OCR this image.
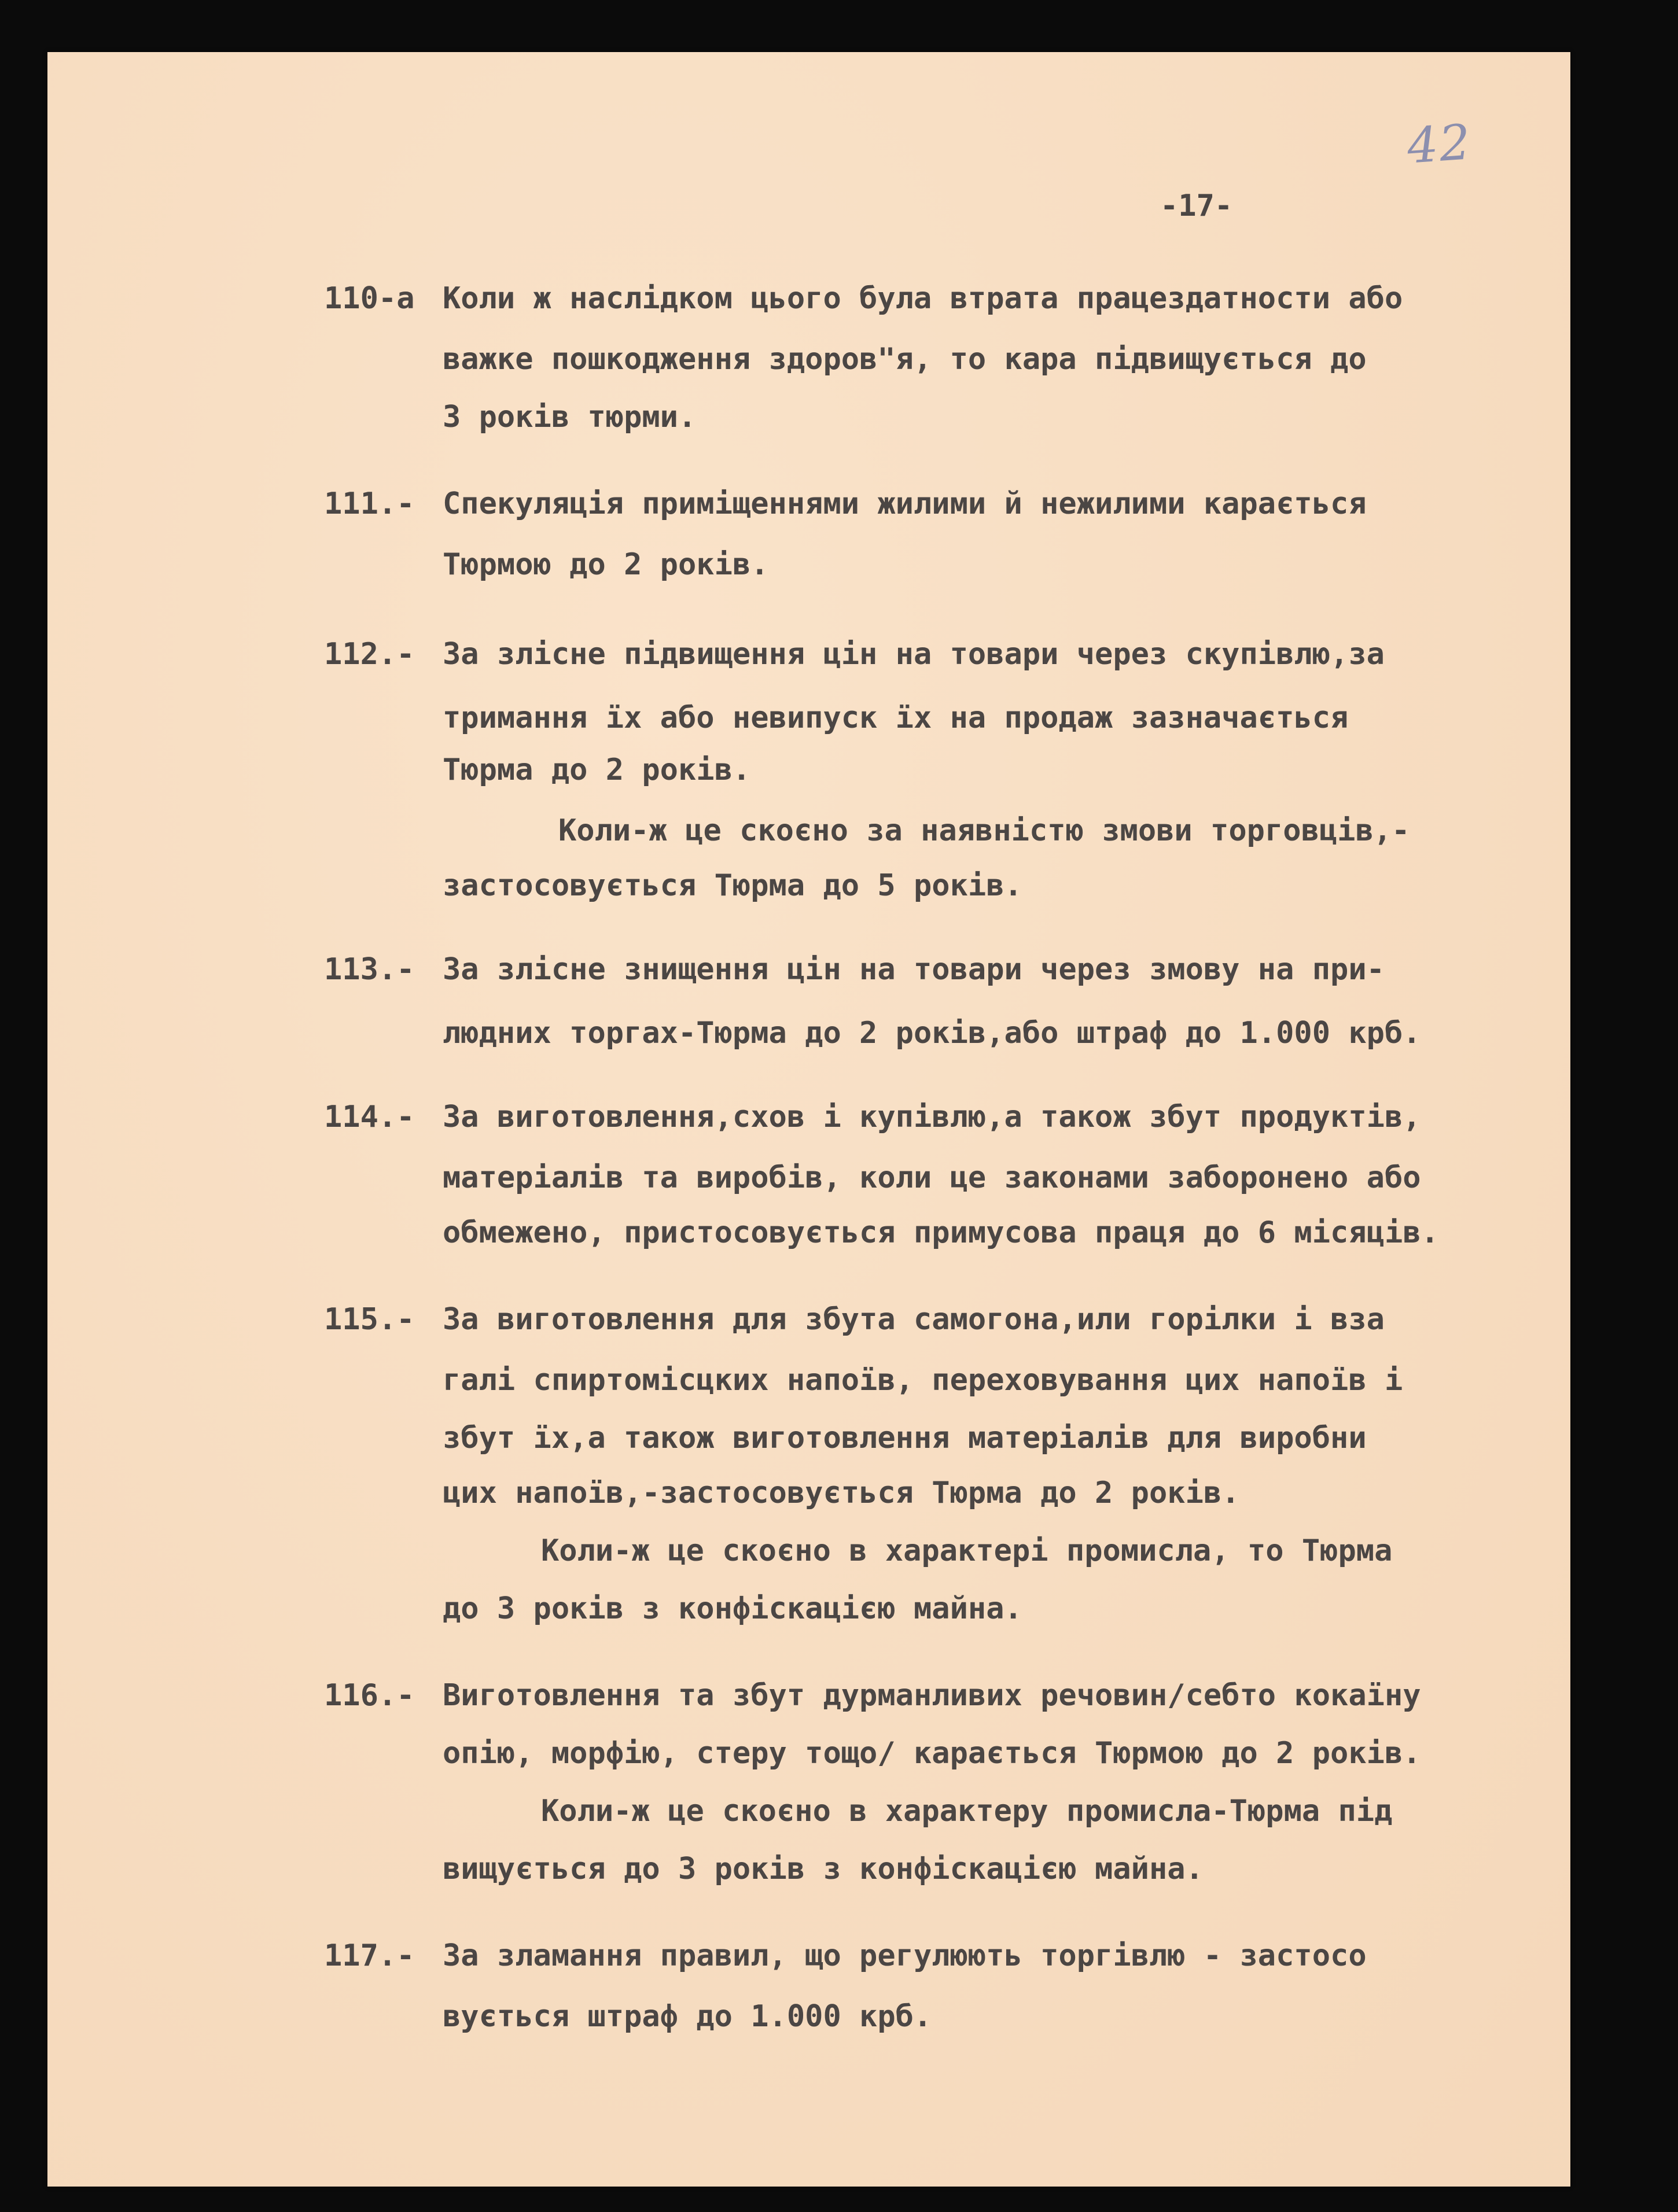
42
-17-
110-а Коли ж наслідком цього була втрата працездатности або
важке пошкодження здоров"я, то кара підвищується до
3 років тюрми.
111.- Спекуляція приміщеннями жилими й нежилими карається
Тюрмою до 2 років.
112.- За злісне підвищення цін на товари через скупівлю,за
тримання їх або невипуск їх на продаж зазначається
Тюрма до 2 років.
Коли-ж це скоєно за наявністю змови торговців,-
застосовується Тюрма до 5 років.
113.- За злісне знищення цін на товари через змову на при-
людних торгах-Тюрма до 2 років,або штраф до 1.000 крб.
114.- За виготовлення,схов і купівлю,а також збут продуктів,
матеріалів та виробів, коли це законами заборонено або
обмежено, пристосовується примусова праця до 6 місяців.
115.- За виготовлення для збута самогона,или горілки і вза
галі спиртомісцких напоїв, переховування цих напоїв і
збут їх,а також виготовлення матеріалів для виробни
цих напоїв,-застосовується Тюрма до 2 років.
Коли-ж це скоєно в характері промисла, то Тюрма
до 3 років з конфіскацією майна.
116.- Виготовлення та збут дурманливих речовин/себто кокаїну
опію, морфію, стеру тощо/ карається Тюрмою до 2 років.
Коли-ж це скоєно в характеру промисла-Тюрма під
вищується до 3 років з конфіскацією майна.
117.- За зламання правил, що регулюють торгівлю - застосо
вується штраф до 1.000 крб.
